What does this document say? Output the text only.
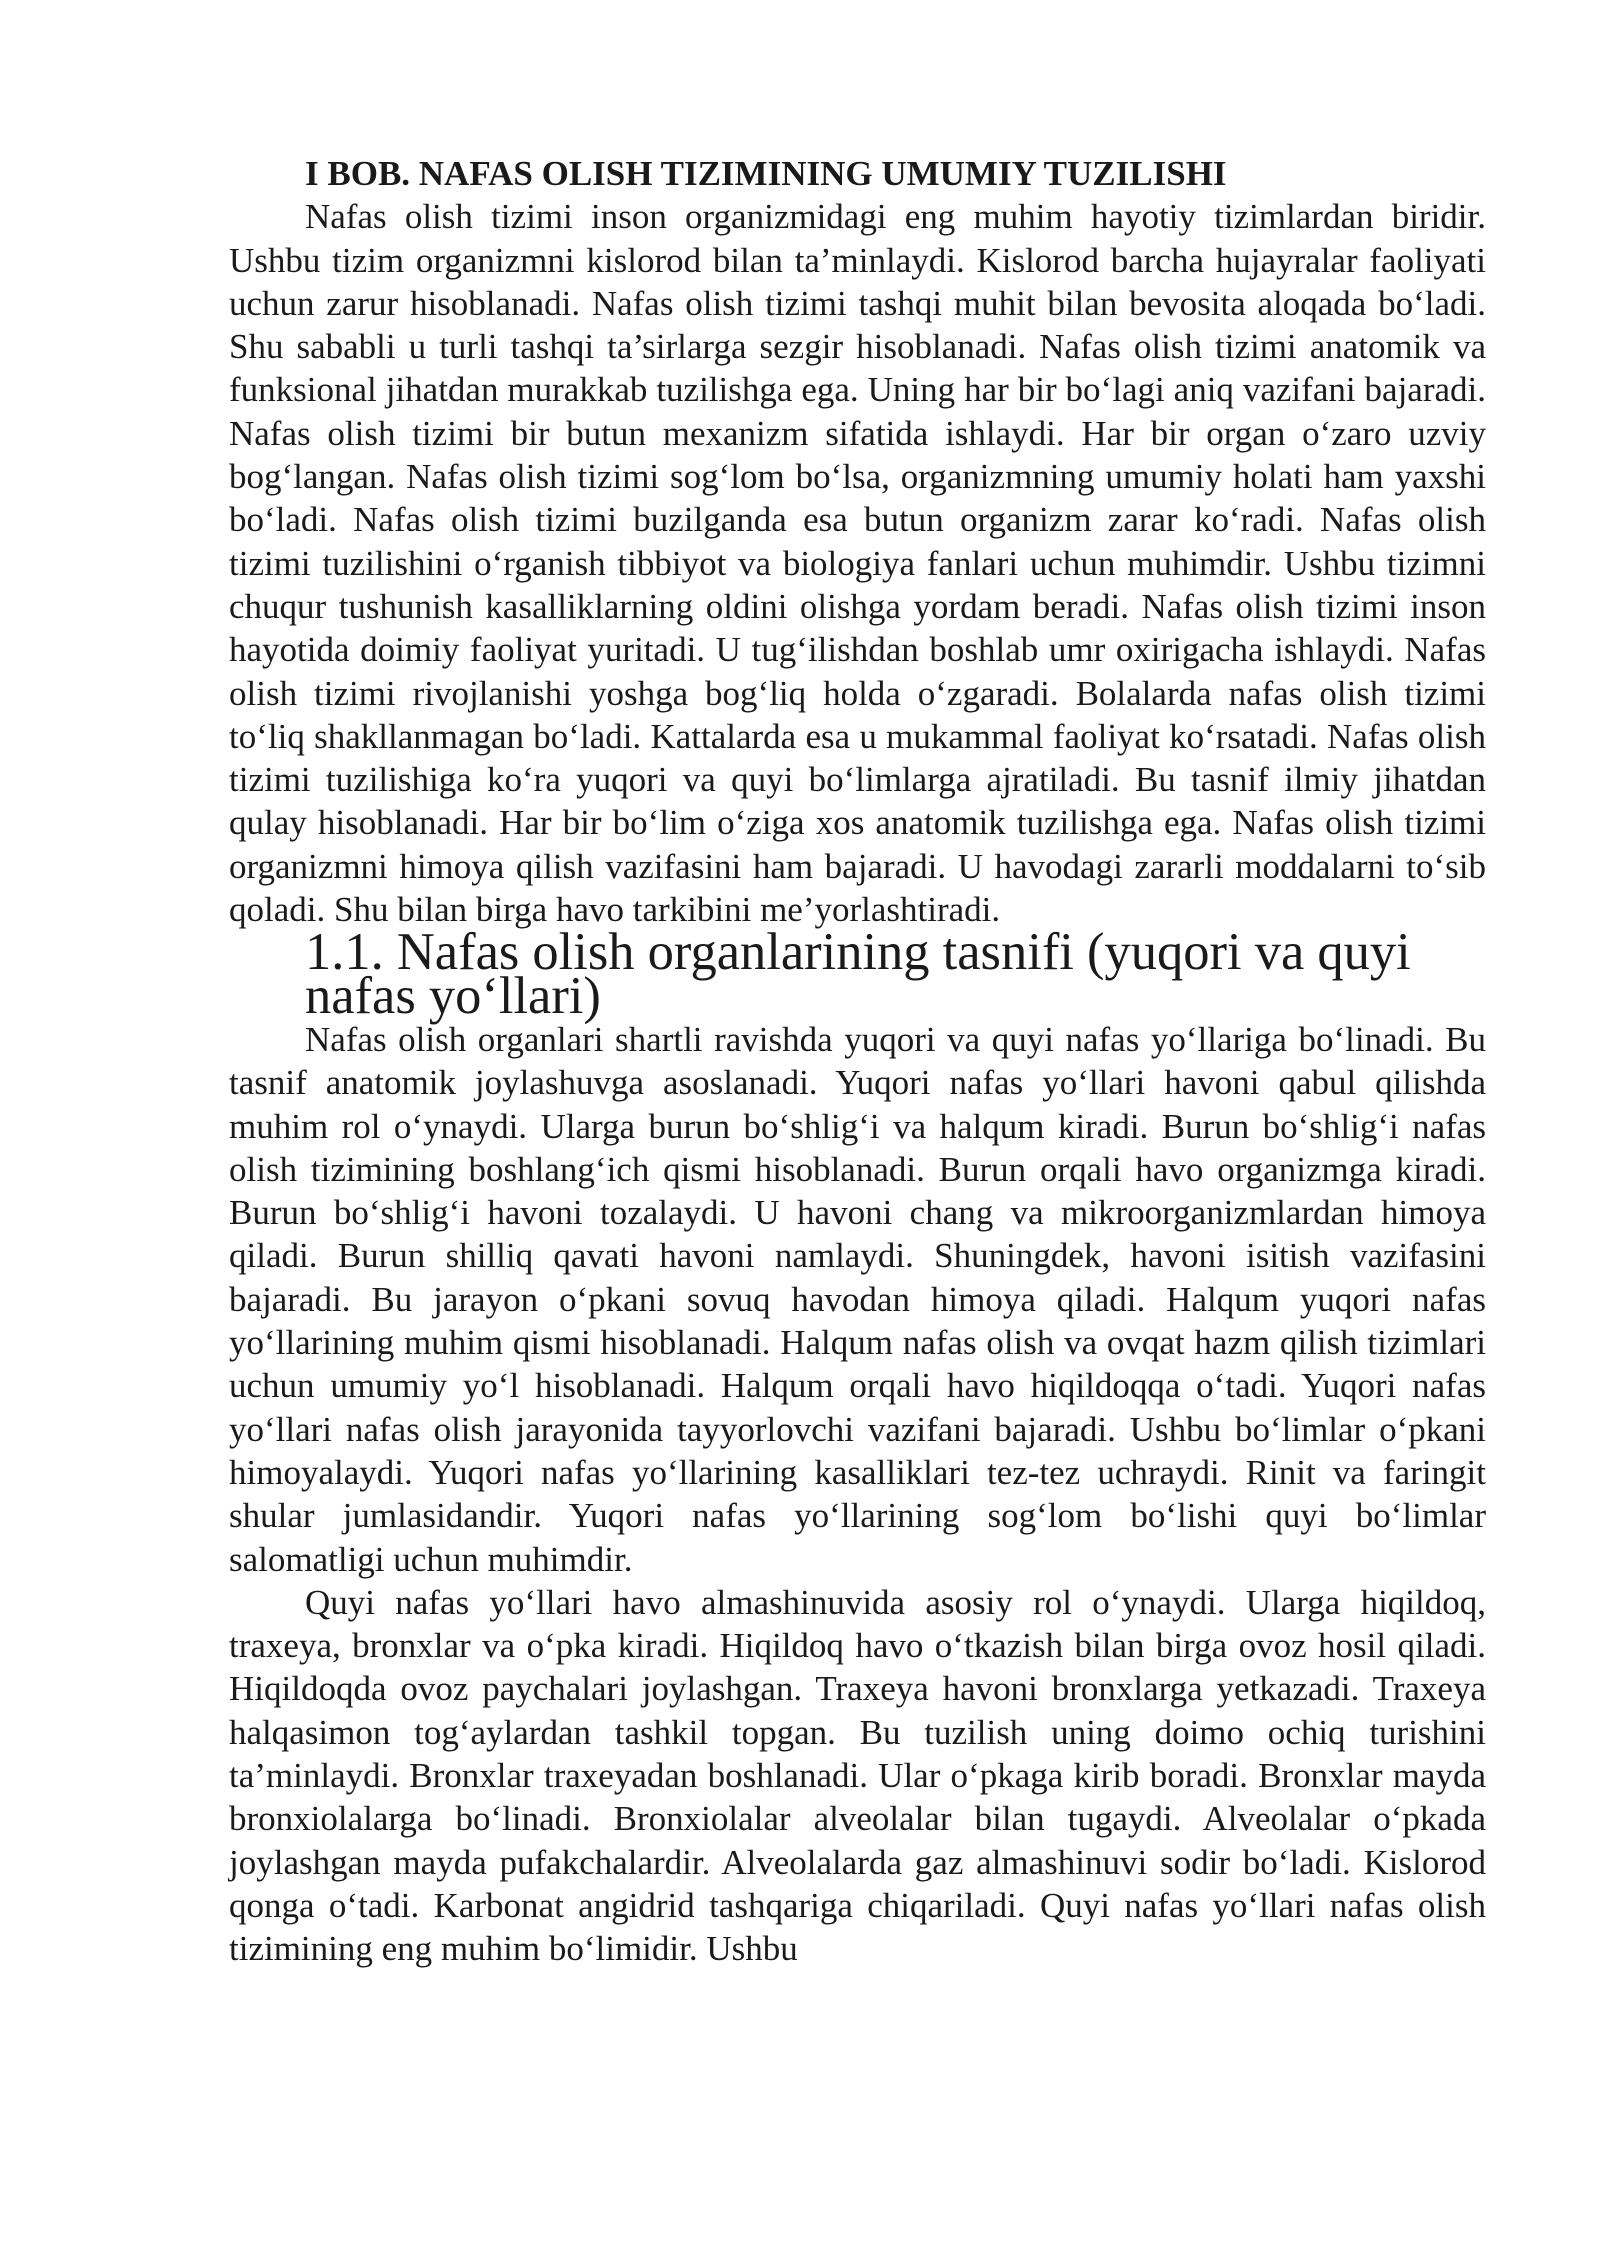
I BOB. NAFAS OLISH TIZIMINING UMUMIY TUZILISHI

Nafas olish tizimi inson organizmidagi eng muhim hayotiy tizimlardan biridir. Ushbu tizim organizmni kislorod bilan ta’minlaydi. Kislorod barcha hujayralar faoliyati uchun zarur hisoblanadi. Nafas olish tizimi tashqi muhit bilan bevosita aloqada bo‘ladi. Shu sababli u turli tashqi ta’sirlarga sezgir hisoblanadi. Nafas olish tizimi anatomik va funksional jihatdan murakkab tuzilishga ega. Uning har bir bo‘lagi aniq vazifani bajaradi. Nafas olish tizimi bir butun mexanizm sifatida ishlaydi. Har bir organ o‘zaro uzviy bog‘langan. Nafas olish tizimi sog‘lom bo‘lsa, organizmning umumiy holati ham yaxshi bo‘ladi. Nafas olish tizimi buzilganda esa butun organizm zarar ko‘radi. Nafas olish tizimi tuzilishini o‘rganish tibbiyot va biologiya fanlari uchun muhimdir. Ushbu tizimni chuqur tushunish kasalliklarning oldini olishga yordam beradi. Nafas olish tizimi inson hayotida doimiy faoliyat yuritadi. U tug‘ilishdan boshlab umr oxirigacha ishlaydi. Nafas olish tizimi rivojlanishi yoshga bog‘liq holda o‘zgaradi. Bolalarda nafas olish tizimi to‘liq shakllanmagan bo‘ladi. Kattalarda esa u mukammal faoliyat ko‘rsatadi. Nafas olish tizimi tuzilishiga ko‘ra yuqori va quyi bo‘limlarga ajratiladi. Bu tasnif ilmiy jihatdan qulay hisoblanadi. Har bir bo‘lim o‘ziga xos anatomik tuzilishga ega. Nafas olish tizimi organizmni himoya qilish vazifasini ham bajaradi. U havodagi zararli moddalarni to‘sib qoladi. Shu bilan birga havo tarkibini me’yorlashtiradi.

1.1. Nafas olish organlarining tasnifi (yuqori va quyi nafas yo‘llari)

Nafas olish organlari shartli ravishda yuqori va quyi nafas yo‘llariga bo‘linadi. Bu tasnif anatomik joylashuvga asoslanadi. Yuqori nafas yo‘llari havoni qabul qilishda muhim rol o‘ynaydi. Ularga burun bo‘shlig‘i va halqum kiradi. Burun bo‘shlig‘i nafas olish tizimining boshlang‘ich qismi hisoblanadi. Burun orqali havo organizmga kiradi. Burun bo‘shlig‘i havoni tozalaydi. U havoni chang va mikroorganizmlardan himoya qiladi. Burun shilliq qavati havoni namlaydi. Shuningdek, havoni isitish vazifasini bajaradi. Bu jarayon o‘pkani sovuq havodan himoya qiladi. Halqum yuqori nafas yo‘llarining muhim qismi hisoblanadi. Halqum nafas olish va ovqat hazm qilish tizimlari uchun umumiy yo‘l hisoblanadi. Halqum orqali havo hiqildoqqa o‘tadi. Yuqori nafas yo‘llari nafas olish jarayonida tayyorlovchi vazifani bajaradi. Ushbu bo‘limlar o‘pkani himoyalaydi. Yuqori nafas yo‘llarining kasalliklari tez-tez uchraydi. Rinit va faringit shular jumlasidandir. Yuqori nafas yo‘llarining sog‘lom bo‘lishi quyi bo‘limlar salomatligi uchun muhimdir.

Quyi nafas yo‘llari havo almashinuvida asosiy rol o‘ynaydi. Ularga hiqildoq, traxeya, bronxlar va o‘pka kiradi. Hiqildoq havo o‘tkazish bilan birga ovoz hosil qiladi. Hiqildoqda ovoz paychalari joylashgan. Traxeya havoni bronxlarga yetkazadi. Traxeya halqasimon tog‘aylardan tashkil topgan. Bu tuzilish uning doimo ochiq turishini ta’minlaydi. Bronxlar traxeyadan boshlanadi. Ular o‘pkaga kirib boradi. Bronxlar mayda bronxiolalarga bo‘linadi. Bronxiolalar alveolalar bilan tugaydi. Alveolalar o‘pkada joylashgan mayda pufakchalardir. Alveolalarda gaz almashinuvi sodir bo‘ladi. Kislorod qonga o‘tadi. Karbonat angidrid tashqariga chiqariladi. Quyi nafas yo‘llari nafas olish tizimining eng muhim bo‘limidir. Ushbu
